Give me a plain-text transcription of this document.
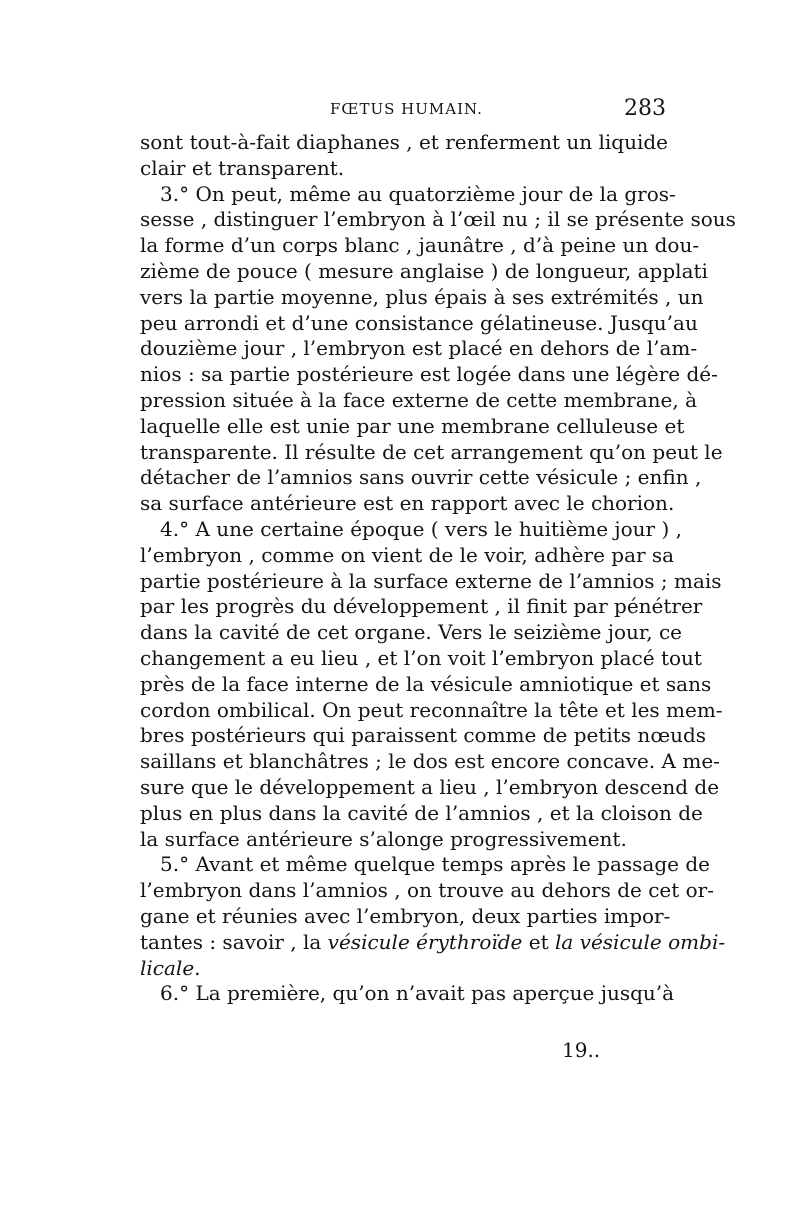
FŒTUS HUMAIN.	283
sont tout-à-fait diaphanes , et renferment un liquide
clair et transparent.
3.° On peut, même au quatorzième jour de la gros-
sesse , distinguer l’embryon à l’œil nu ; il se présente sous
la forme d’un corps blanc , jaunâtre , d’à peine un dou-
zième de pouce ( mesure anglaise ) de longueur, applati
vers la partie moyenne, plus épais à ses extrémités , un
peu arrondi et d’une consistance gélatineuse. Jusqu’au
douzième jour , l’embryon est placé en dehors de l’am-
nios : sa partie postérieure est logée dans une légère dé-
pression située à la face externe de cette membrane, à
laquelle elle est unie par une membrane celluleuse et
transparente. Il résulte de cet arrangement qu’on peut le
détacher de l’amnios sans ouvrir cette vésicule ; enfin ,
sa surface antérieure est en rapport avec le chorion.
4.° A une certaine époque ( vers le huitième jour ) ,
l’embryon , comme on vient de le voir, adhère par sa
partie postérieure à la surface externe de l’amnios ; mais
par les progrès du développement , il finit par pénétrer
dans la cavité de cet organe. Vers le seizième jour, ce
changement a eu lieu , et l’on voit l’embryon placé tout
près de la face interne de la vésicule amniotique et sans
cordon ombilical. On peut reconnaître la tête et les mem-
bres postérieurs qui paraissent comme de petits nœuds
saillans et blanchâtres ; le dos est encore concave. A me-
sure que le développement a lieu , l’embryon descend de
plus en plus dans la cavité de l’amnios , et la cloison de
la surface antérieure s’alonge progressivement.
5.° Avant et même quelque temps après le passage de
l’embryon dans l’amnios , on trouve au dehors de cet or-
gane et réunies avec l’embryon, deux parties impor-
tantes : savoir , la vésicule érythroïde et la vésicule ombi-
licale.
6.° La première, qu’on n’avait pas aperçue jusqu’à
19..
